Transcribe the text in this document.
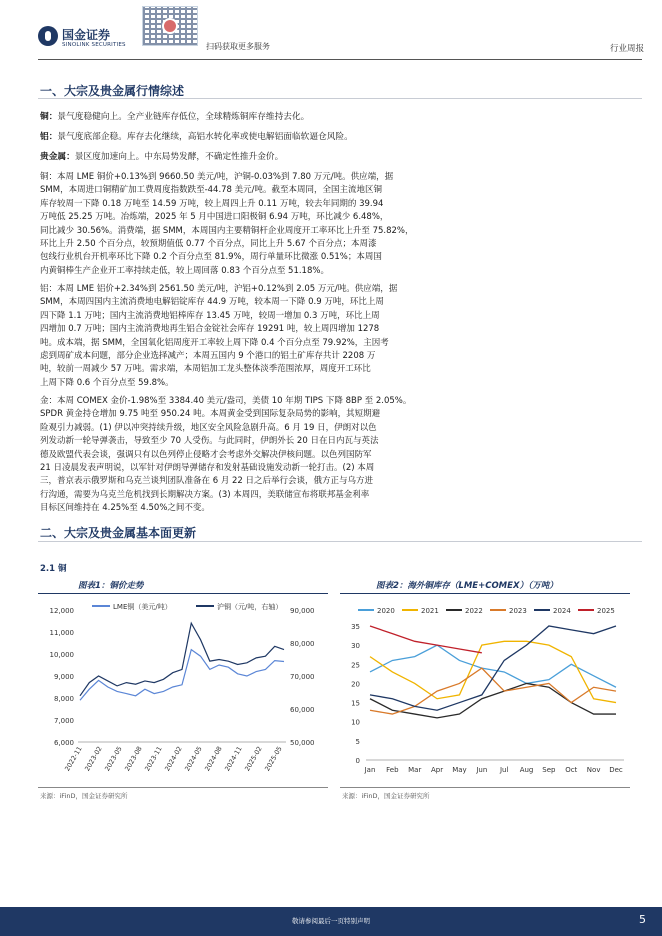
国金证券
SINOLINK SECURITIES	扫码获取更多服务	行业周报
一、大宗及贵金属行情综述
铜：景气度稳健向上。全产业链库存低位，全球精炼铜库存维持去化。
铝：景气度底部企稳。库存去化继续，高铝水转化率或使电解铝面临软逼仓风险。
贵金属：景区度加速向上。中东局势发酵，不确定性推升金价。
铜：本周 LME 铜价+0.13%到 9660.50 美元/吨，沪铜-0.03%到 7.80 万元/吨。供应端，据
SMM，本周进口铜精矿加工费周度指数跌至-44.78 美元/吨。截至本周同，全国主流地区铜
库存较周一下降 0.18 万吨至 14.59 万吨，较上周四上升 0.11 万吨，较去年同期的 39.94
万吨低 25.25 万吨。冶炼端，2025 年 5 月中国进口阳极铜 6.94 万吨，环比减少 6.48%，
同比减少 30.56%。消费端，据 SMM，本周国内主要精铜杆企业周度开工率环比上升至 75.82%，
环比上升 2.50 个百分点，较预期值低 0.77 个百分点，同比上升 5.67 个百分点；本周漆
包线行业机台开机率环比下降 0.2 个百分点至 81.9%，周行单量环比微涨 0.51%；本周国
内黄铜棒生产企业开工率持续走低，较上周回落 0.83 个百分点至 51.18%。
铝：本周 LME 铝价+2.34%到 2561.50 美元/吨，沪铝+0.12%到 2.05 万元/吨。供应端，据
SMM，本周四国内主流消费地电解铝锭库存 44.9 万吨，较本周一下降 0.9 万吨，环比上周
四下降 1.1 万吨；国内主流消费地铝棒库存 13.45 万吨，较周一增加 0.3 万吨，环比上周
四增加 0.7 万吨；国内主流消费地再生铝合金锭社会库存 19291 吨，较上周四增加 1278
吨。成本端，据 SMM，全国氧化铝周度开工率较上周下降 0.4 个百分点至 79.92%，主因考
虑到周矿成本问题，部分企业选择减产；本周五国内 9 个港口的铝土矿库存共计 2208 万
吨，较前一周减少 57 万吨。需求端，本周铝加工龙头整体淡季范围浓厚，周度开工环比
上周下降 0.6 个百分点至 59.8%。
金：本周 COMEX 金价-1.98%至 3384.40 美元/盎司，美债 10 年期 TIPS 下降 8BP 至 2.05%。
SPDR 黄金持仓增加 9.75 吨至 950.24 吨。本周黄金受到国际复杂局势的影响，其短期避
险观引力减弱。(1) 伊以冲突持续升级，地区安全风险急剧升高。6 月 19 日，伊朗对以色
列发动新一轮导弹袭击，导致至少 70 人受伤。与此同时，伊朗外长 20 日在日内瓦与英法
德及欧盟代表会谈，强调只有以色列停止侵略才会考虑外交解决伊核问题。以色列国防军
21 日凌晨发表声明说，以军针对伊朗导弹储存和发射基础设施发动新一轮打击。(2) 本周
三，普京表示俄罗斯和乌克兰谈判团队准备在 6 月 22 日之后举行会谈，俄方正与乌方进
行沟通，需要为乌克兰危机找到长期解决方案。(3) 本周四，美联储宣布将联邦基金利率
目标区间维持在 4.25%至 4.50%之间不变。
二、大宗及贵金属基本面更新
2.1 铜
图表1：铜价走势
6,000
7,000
8,000
9,000
10,000
11,000
12,000
50,000
60,000
70,000
80,000
90,000
2022-11 2023-02 2023-05 2023-08 2023-11 2024-02 2024-05 2024-08 2024-11 2025-02 2025-05
LME铜（美元/吨）	沪铜（元/吨，右轴）
来源：iFinD，国金证券研究所
图表2：海外铜库存（LME+COMEX）（万吨）
0
5
10
15
20
25
30
35
Jan Feb Mar Apr May Jun Jul Aug Sep Oct Nov Dec
2020	2021	2022	2023	2024	2025
来源：iFinD，国金证券研究所
敬请参阅最后一页特别声明	5
